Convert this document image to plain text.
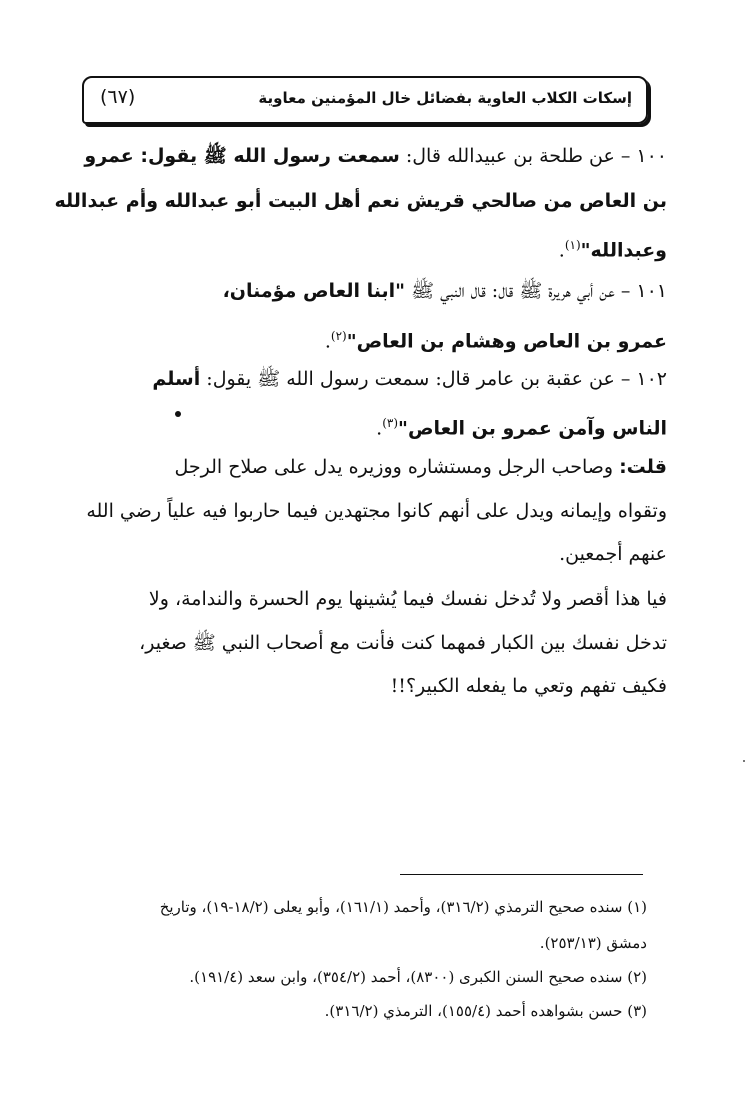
إسكات الكلاب العاوية بفضائل خال المؤمنين معاوية
(٦٧)
١٠٠ – عن طلحة بن عبيدالله قال: سمعت رسول الله ﷺ يقول: عمرو
بن العاص من صالحي قريش نعم أهل البيت أبو عبدالله وأم عبدالله
وعبدالله"$^{(١)}$.
١٠١ – عن أبي هريرة ﷺ قال: قال النبي ﷺ "ابنا العاص مؤمنان،
عمرو بن العاص وهشام بن العاص"$^{(٢)}$.
١٠٢ – عن عقبة بن عامر قال: سمعت رسول الله ﷺ يقول: أسلم
الناس وآمن عمرو بن العاص"$^{(٣)}$.
قلت: وصاحب الرجل ومستشاره ووزيره يدل على صلاح الرجل
وتقواه وإيمانه ويدل على أنهم كانوا مجتهدين فيما حاربوا فيه علياً رضي الله
عنهم أجمعين.
فيا هذا أقصر ولا تُدخل نفسك فيما يُشينها يوم الحسرة والندامة، ولا
تدخل نفسك بين الكبار فمهما كنت فأنت مع أصحاب النبي ﷺ صغير،
فكيف تفهم وتعي ما يفعله الكبير؟!!
(١) سنده صحيح الترمذي (٣١٦/٢)، وأحمد (١٦١/١)، وأبو يعلى (١٨/٢-١٩)، وتاريخ
دمشق (٢٥٣/١٣).
(٢) سنده صحيح السنن الكبرى (٨٣٠٠)، أحمد (٣٥٤/٢)، وابن سعد (١٩١/٤).
(٣) حسن بشواهده أحمد (١٥٥/٤)، الترمذي (٣١٦/٢).
